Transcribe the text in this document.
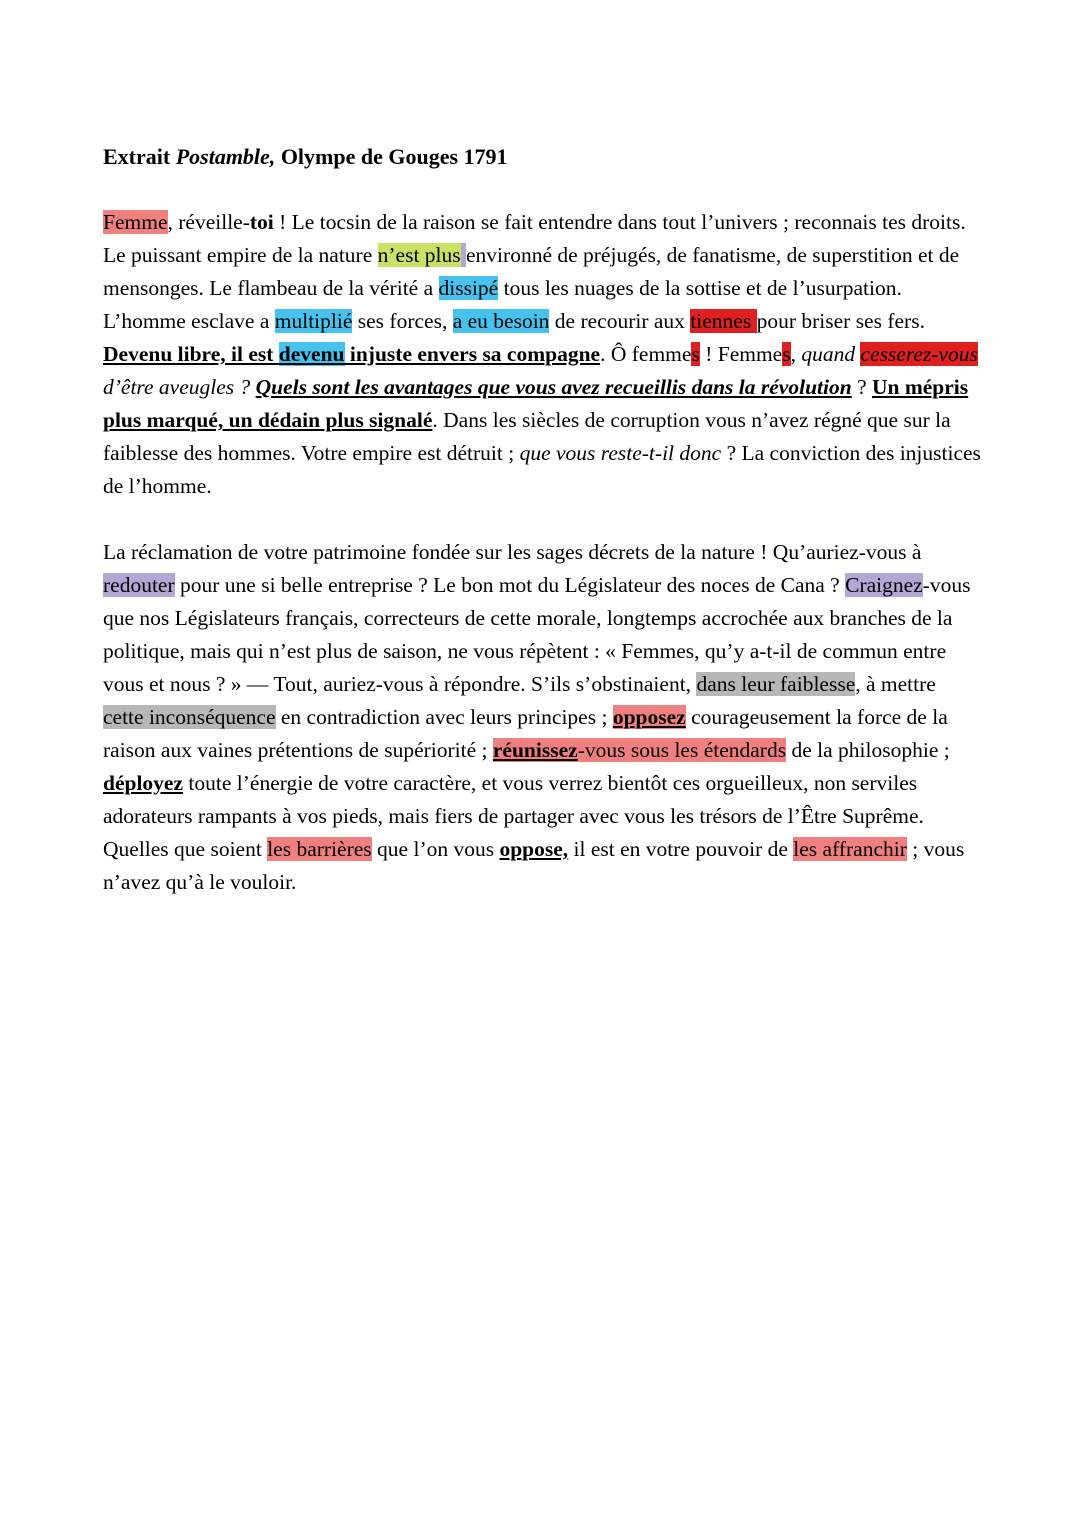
Extrait Postamble, Olympe de Gouges 1791

Femme, réveille-toi ! Le tocsin de la raison se fait entendre dans tout l’univers ; reconnais tes droits. Le puissant empire de la nature n’est plus environné de préjugés, de fanatisme, de superstition et de mensonges. Le flambeau de la vérité a dissipé tous les nuages de la sottise et de l’usurpation. L’homme esclave a multiplié ses forces, a eu besoin de recourir aux tiennes pour briser ses fers. Devenu libre, il est devenu injuste envers sa compagne. Ô femmes ! Femmes, quand cesserez-vous d’être aveugles ? Quels sont les avantages que vous avez recueillis dans la révolution ? Un mépris plus marqué, un dédain plus signalé. Dans les siècles de corruption vous n’avez régné que sur la faiblesse des hommes. Votre empire est détruit ; que vous reste-t-il donc ? La conviction des injustices de l’homme.

La réclamation de votre patrimoine fondée sur les sages décrets de la nature ! Qu’auriez-vous à redouter pour une si belle entreprise ? Le bon mot du Législateur des noces de Cana ? Craignez-vous que nos Législateurs français, correcteurs de cette morale, longtemps accrochée aux branches de la politique, mais qui n’est plus de saison, ne vous répètent : « Femmes, qu’y a-t-il de commun entre vous et nous ? » — Tout, auriez-vous à répondre. S’ils s’obstinaient, dans leur faiblesse, à mettre cette inconséquence en contradiction avec leurs principes ; opposez courageusement la force de la raison aux vaines prétentions de supériorité ; réunissez-vous sous les étendards de la philosophie ; déployez toute l’énergie de votre caractère, et vous verrez bientôt ces orgueilleux, non serviles adorateurs rampants à vos pieds, mais fiers de partager avec vous les trésors de l’Être Suprême. Quelles que soient les barrières que l’on vous oppose, il est en votre pouvoir de les affranchir ; vous n’avez qu’à le vouloir.
